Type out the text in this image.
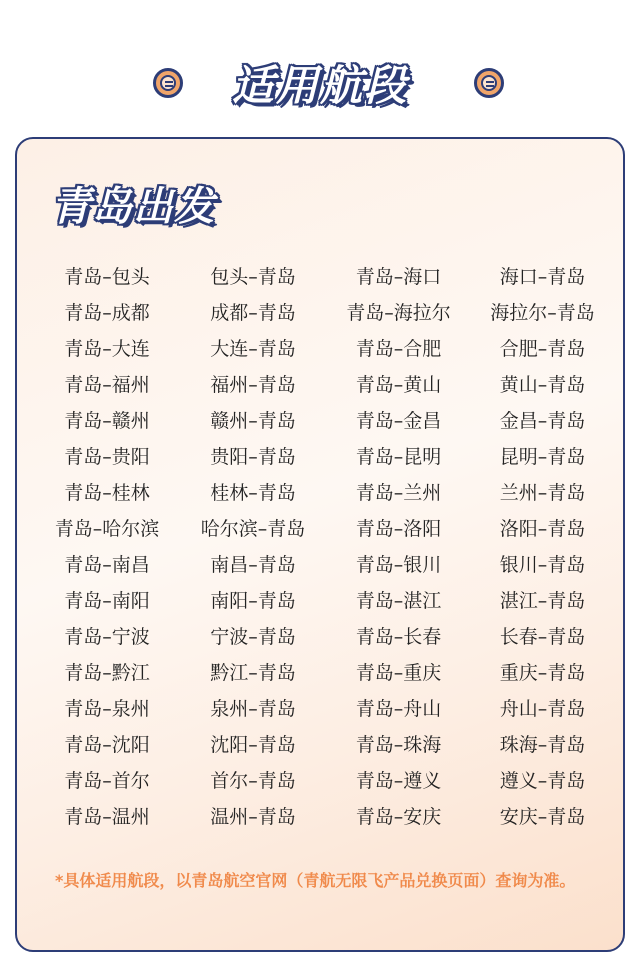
适用航段
青岛出发
青岛–包头	包头–青岛	青岛–海口	海口–青岛
青岛–成都	成都–青岛	青岛–海拉尔	海拉尔–青岛
青岛–大连	大连–青岛	青岛–合肥	合肥–青岛
青岛–福州	福州–青岛	青岛–黄山	黄山–青岛
青岛–赣州	赣州–青岛	青岛–金昌	金昌–青岛
青岛–贵阳	贵阳–青岛	青岛–昆明	昆明–青岛
青岛–桂林	桂林–青岛	青岛–兰州	兰州–青岛
青岛–哈尔滨	哈尔滨–青岛	青岛–洛阳	洛阳–青岛
青岛–南昌	南昌–青岛	青岛–银川	银川–青岛
青岛–南阳	南阳–青岛	青岛–湛江	湛江–青岛
青岛–宁波	宁波–青岛	青岛–长春	长春–青岛
青岛–黔江	黔江–青岛	青岛–重庆	重庆–青岛
青岛–泉州	泉州–青岛	青岛–舟山	舟山–青岛
青岛–沈阳	沈阳–青岛	青岛–珠海	珠海–青岛
青岛–首尔	首尔–青岛	青岛–遵义	遵义–青岛
青岛–温州	温州–青岛	青岛–安庆	安庆–青岛
*具体适用航段，以青岛航空官网（青航无限飞产品兑换页面）查询为准。
